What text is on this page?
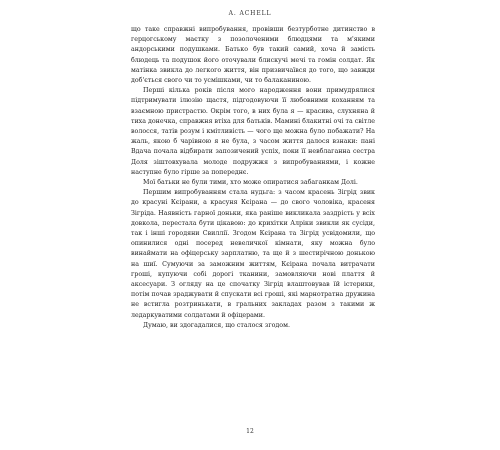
A. ACHELL

що таке справжні випробування, провівши безтурботне дитинство в герцогському маєтку з позолоченими блюдцями та м'якими андорськими подушками. Батько був такий самий, хоча й замість блюдець та подушок його оточували блискучі мечі та гомін солдат. Як матінка звикла до легкого життя, він призвичаївся до того, що завжди доб'ється свого чи то усмішками, чи то балаканиною.

Перші кілька років після мого народження вони примудрялися підтримувати ілюзію щастя, підгодовуючи її любовними коханням та взаємною пристрастю. Окрім того, в них була я — красива, слухняна й тиха донечка, справжня втіха для батьків. Мамині блакитні очі та світле волосся, татів розум і кмітливість — чого ще можна було побажати? На жаль, якою б чарівною я не була, з часом життя далося взнаки: пані Вдача почала відбирати запозичений успіх, поки її невблаганна сестра Доля зіштовхувала молоде подружжя з випробуваннями, і кожне наступне було гірше за попереднє.

Мої батьки не були тими, хто може опиратися забаганкам Долі.

Першим випробуванням стала нудьга: з часом красень Зігрід звик до красуні Кєірани, а красуня Кєірана — до свого чоловіка, красеня Зігріда. Наявність гарної доньки, яка раніше викликала заздрість у всіх довкола, перестала бути цікавою: до крихітки Алріки звикли як сусіди, так і інші городяни Свиллії. Згодом Кєірана та Зігрід усвідомили, що опинилися одні посеред невеличкої кімнати, яку можна було винаймати на офіцерську зарплатню, та ще й з шестирічною донькою на шиї. Сумуючи за заможним життям, Кєірана почала витрачати гроші, купуючи собі дорогі тканини, замовляючи нові плаття й аксесуари. З огляду на це спочатку Зігрід влаштовував їй істерики, потім почав зраджувати й спускати всі гроші, які марнотратна дружина не встигла розтринькати, в гральних закладах разом з такими ж ледаркуватими солдатами й офіцерами.

Думаю, ви здогадалися, що сталося згодом.

12
